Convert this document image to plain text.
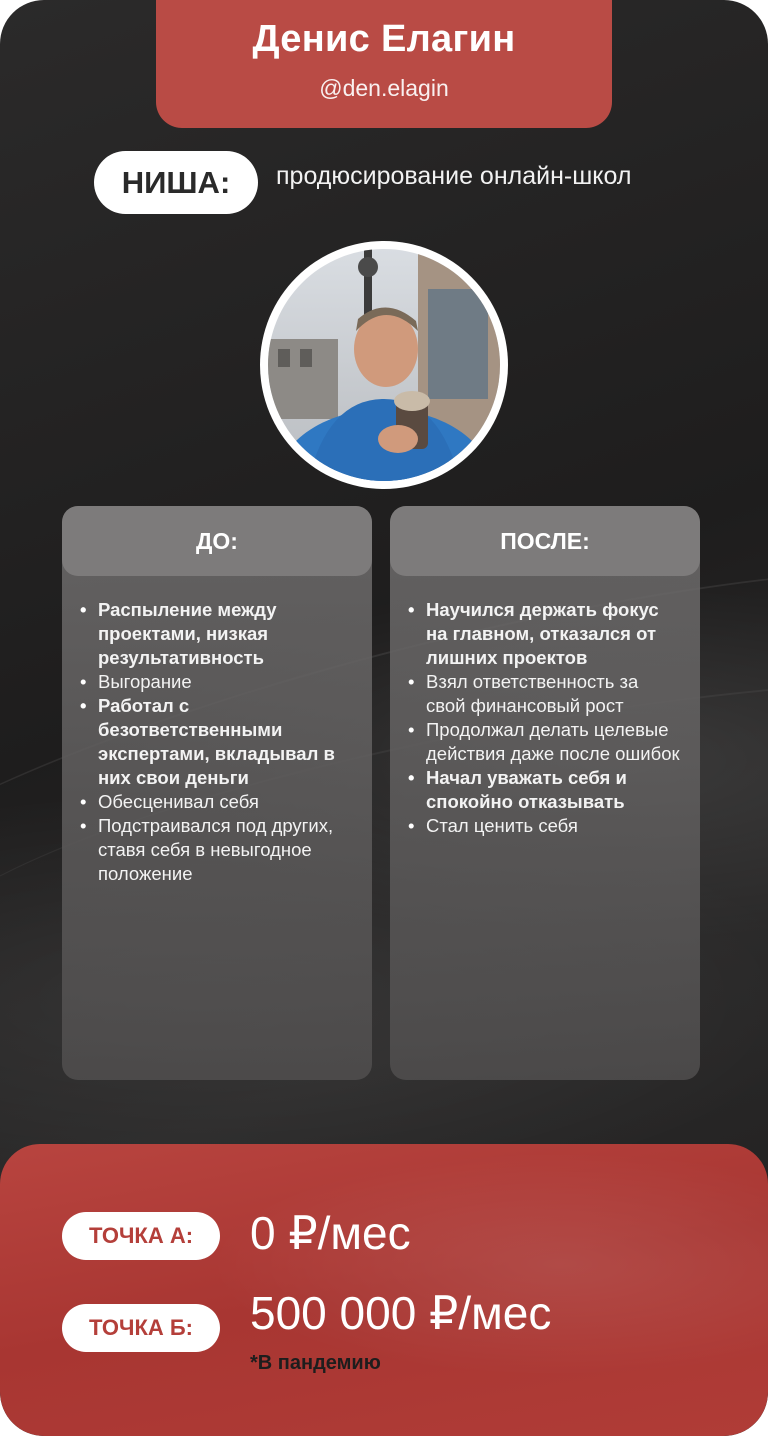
Денис Елагин
@den.elagin
НИША:	продюсирование онлайн-школ
ДО:
• Распыление между проектами, низкая результативность
• Выгорание
• Работал с безответственными экспертами, вкладывал в них свои деньги
• Обесценивал себя
• Подстраивался под других, ставя себя в невыгодное положение
ПОСЛЕ:
• Научился держать фокус на главном, отказался от лишних проектов
• Взял ответственность за свой финансовый рост
• Продолжал делать целевые действия даже после ошибок
• Начал уважать себя и спокойно отказывать
• Стал ценить себя
ТОЧКА А:	0 ₽/мес
ТОЧКА Б:	500 000 ₽/мес
*В пандемию
